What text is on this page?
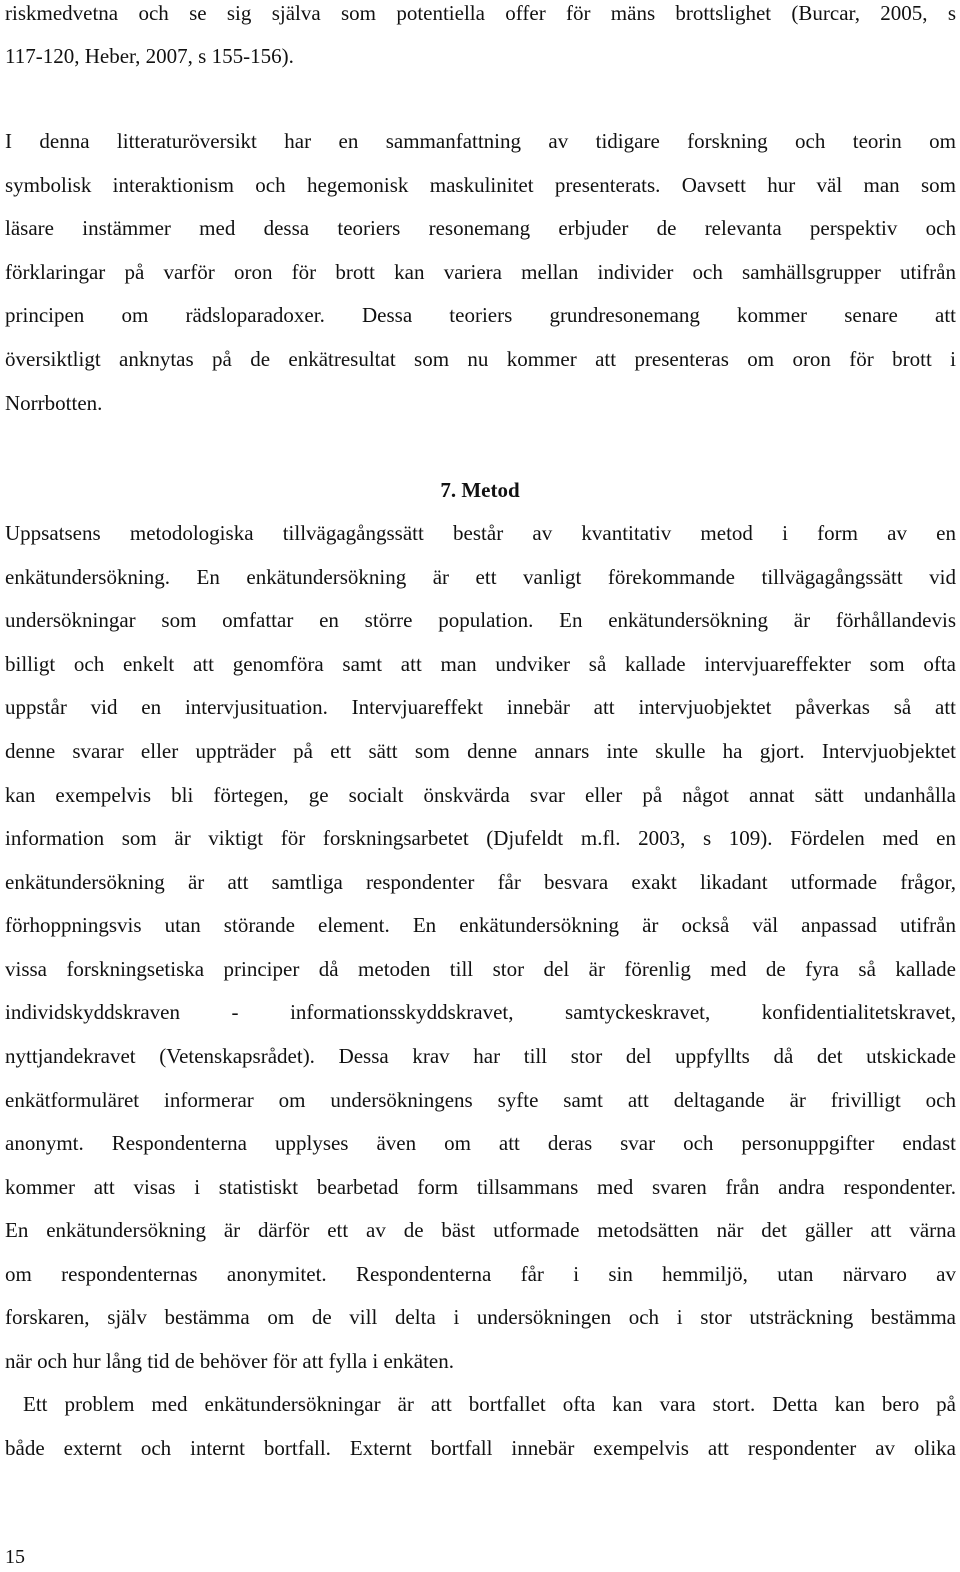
riskmedvetna och se sig själva som potentiella offer för mäns brottslighet (Burcar, 2005, s
117-120, Heber, 2007, s 155-156).
I denna litteraturöversikt har en sammanfattning av tidigare forskning och teorin om
symbolisk interaktionism och hegemonisk maskulinitet presenterats. Oavsett hur väl man som
läsare instämmer med dessa teoriers resonemang erbjuder de relevanta perspektiv och
förklaringar på varför oron för brott kan variera mellan individer och samhällsgrupper utifrån
principen om rädsloparadoxer. Dessa teoriers grundresonemang kommer senare att
översiktligt anknytas på de enkätresultat som nu kommer att presenteras om oron för brott i
Norrbotten.
7. Metod
Uppsatsens metodologiska tillvägagångssätt består av kvantitativ metod i form av en
enkätundersökning. En enkätundersökning är ett vanligt förekommande tillvägagångssätt vid
undersökningar som omfattar en större population. En enkätundersökning är förhållandevis
billigt och enkelt att genomföra samt att man undviker så kallade intervjuareffekter som ofta
uppstår vid en intervjusituation. Intervjuareffekt innebär att intervjuobjektet påverkas så att
denne svarar eller uppträder på ett sätt som denne annars inte skulle ha gjort. Intervjuobjektet
kan exempelvis bli förtegen, ge socialt önskvärda svar eller på något annat sätt undanhålla
information som är viktigt för forskningsarbetet (Djufeldt m.fl. 2003, s 109). Fördelen med en
enkätundersökning är att samtliga respondenter får besvara exakt likadant utformade frågor,
förhoppningsvis utan störande element. En enkätundersökning är också väl anpassad utifrån
vissa forskningsetiska principer då metoden till stor del är förenlig med de fyra så kallade
individskyddskraven - informationsskyddskravet, samtyckeskravet, konfidentialitetskravet,
nyttjandekravet (Vetenskapsrådet). Dessa krav har till stor del uppfyllts då det utskickade
enkätformuläret informerar om undersökningens syfte samt att deltagande är frivilligt och
anonymt. Respondenterna upplyses även om att deras svar och personuppgifter endast
kommer att visas i statistiskt bearbetad form tillsammans med svaren från andra respondenter.
En enkätundersökning är därför ett av de bäst utformade metodsätten när det gäller att värna
om respondenternas anonymitet. Respondenterna får i sin hemmiljö, utan närvaro av
forskaren, själv bestämma om de vill delta i undersökningen och i stor utsträckning bestämma
när och hur lång tid de behöver för att fylla i enkäten.
Ett problem med enkätundersökningar är att bortfallet ofta kan vara stort. Detta kan bero på
både externt och internt bortfall. Externt bortfall innebär exempelvis att respondenter av olika
15
